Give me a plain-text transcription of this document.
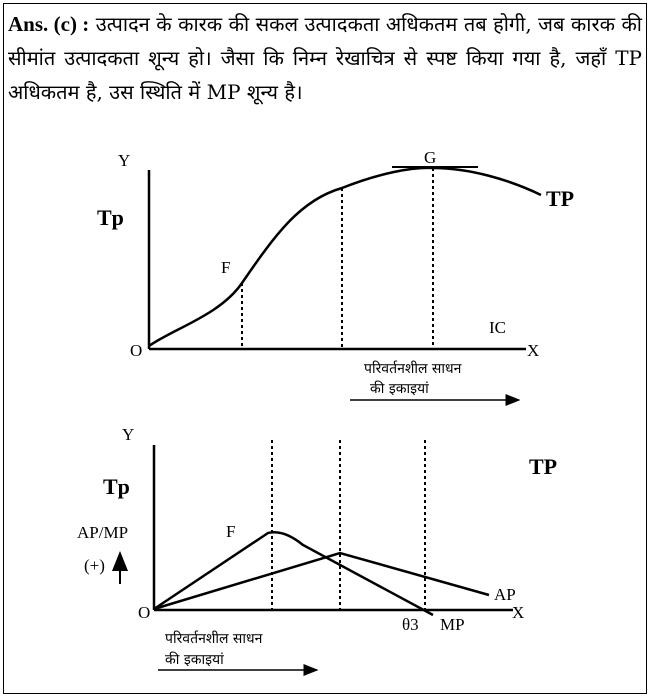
Ans. (c) : उत्पादन के कारक की सकल उत्पादकता अधिकतम तब होगी, जब कारक की सीमांत उत्पादकता शून्य हो। जैसा कि निम्न रेखाचित्र से स्पष्ट किया गया है, जहाँ TP अधिकतम है, उस स्थिति में MP शून्य है।
Y
Tp
O	X
F
G
TP
IC
परिवर्तनशील साधन
की इकाइयां
Y
Tp
AP/MP
(+)
O	X
F
TP
AP
θ3 MP
परिवर्तनशील साधन
की इकाइयां
